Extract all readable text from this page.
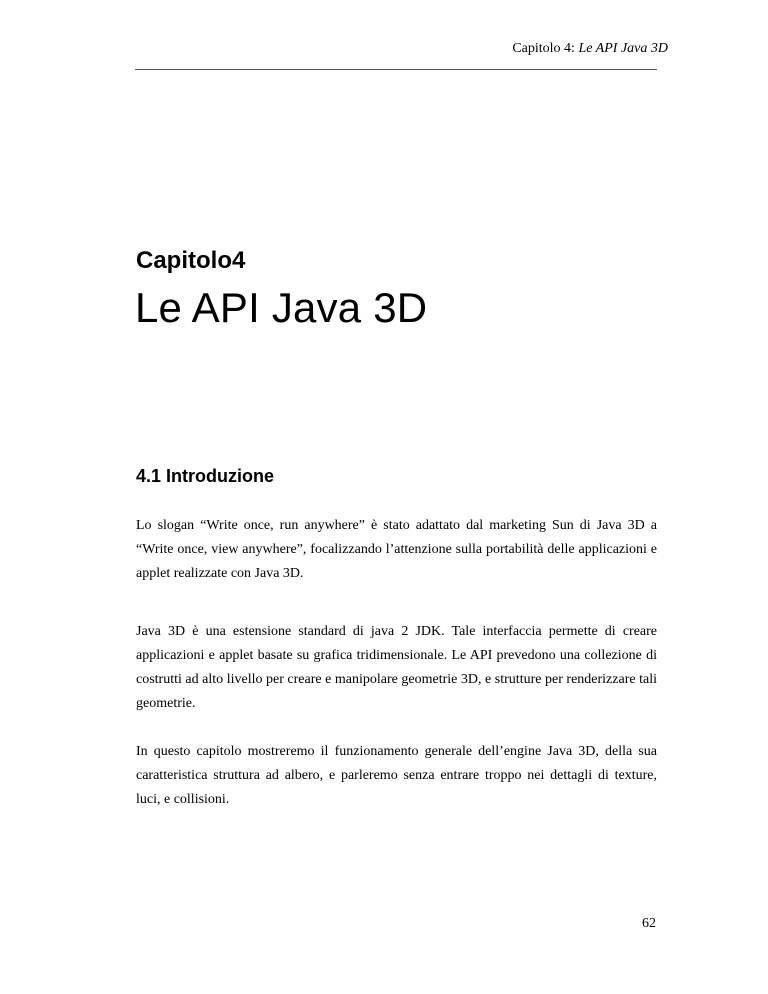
Capitolo 4: Le API Java 3D
Capitolo4
Le API Java 3D
4.1 Introduzione

Lo slogan “Write once, run anywhere” è stato adattato dal marketing Sun di Java 3D a “Write once, view anywhere”, focalizzando l’attenzione sulla portabilità delle applicazioni e applet realizzate con Java 3D.

Java 3D è una estensione standard di java 2 JDK. Tale interfaccia permette di creare applicazioni e applet basate su grafica tridimensionale. Le API prevedono una collezione di costrutti ad alto livello per creare e manipolare geometrie 3D, e strutture per renderizzare tali geometrie.

In questo capitolo mostreremo il funzionamento generale dell’engine Java 3D, della sua caratteristica struttura ad albero, e parleremo senza entrare troppo nei dettagli di texture, luci, e collisioni.

62
